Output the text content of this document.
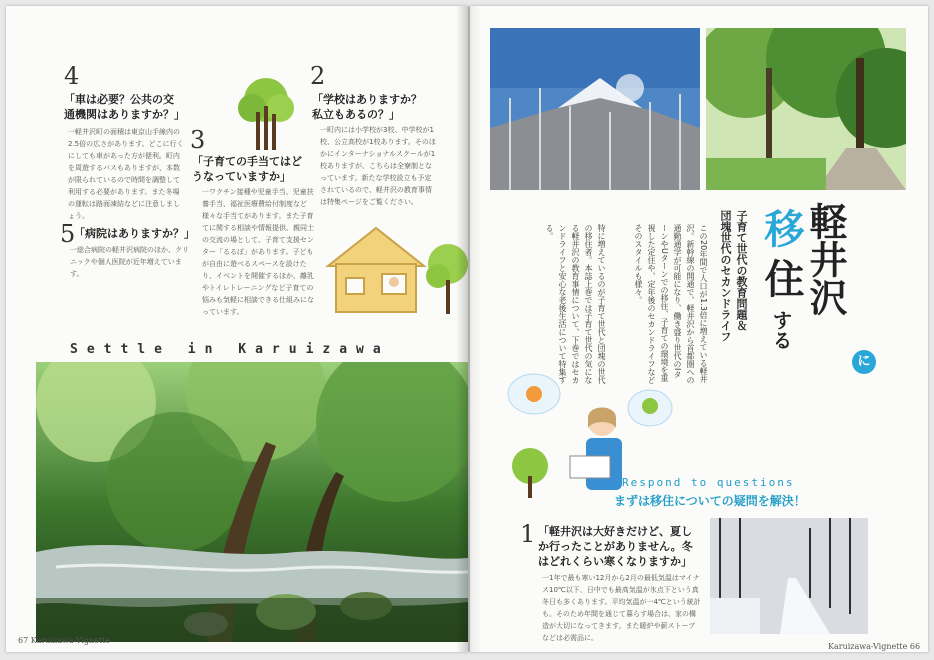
4
「車は必要？公共の交通機関はありますか？」
一軽井沢町の面積は東京山手線内の2.5倍の広さがあります。どこに行くにしても車があった方が便利。町内を周遊するバスもありますが、本数が限られているので時間を調整して利用する必要があります。また冬場の運転は路面凍結などに注意しましょう。
2
「学校はありますか？私立もあるの？」
一町内には小学校が3校、中学校が1校、公立高校が1校あります。そのほかにインターナショナルスクールが1校ありますが、こちらは全寮制となっています。新たな学校設立も予定されているので、軽井沢の教育事情は特集ページをご覧ください。
3
「子育ての手当てはどうなっていますか」
一ワクチン接種や児童手当、児童扶養手当、福祉医療費給付制度など様々な手当てがあります。また子育てに関する相談や情報提供、親同士の交流の場として、子育て支援センター「るるぽ」があります。子どもが自由に遊べるスペースを設けたり、イベントを開催するほか、離乳やトイレトレーニングなど子育ての悩みも気軽に相談できる仕組みになっています。
5
「病院はありますか？」
一総合病院の軽井沢病院のほか、クリニックや個人医院が近年増えています。
Settle in Karuizawa
67 Karuizawa-Vignette
軽井沢
に
移
住
する
子育て世代の教育問題＆
団塊世代のセカンドライフ
この20年間で人口が1.3倍に増えている軽井沢。新幹線の開通で、軽井沢から首都圏への通勤通学が可能になり、働き盛り世代のIターンやUターンでの移住、子育ての環境を重視した定住や、定年後のセカンドライフなどそのスタイルも様々。
特に増えているのが子育て世代と団塊の世代の移住者。本誌上巻では子育て世代の気になる軽井沢の教育事情について、下巻ではセカンドライフと安心な老後生活について特集する。
Respond to questions
まずは移住についての疑問を解決！
1 「軽井沢は大好きだけど、夏しか行ったことがありません。冬はどれくらい寒くなりますか」
一1年で最も寒い12月から2月の最低気温はマイナス10℃以下、日中でも最高気温が氷点下という真冬日も多くあります。平均気温が一4℃という統計も。そのため年間を通じて暮らす場合は、家の構造が大切になってきます。また暖炉や薪ストーブなどは必需品に。
Karuizawa-Vignette 66
